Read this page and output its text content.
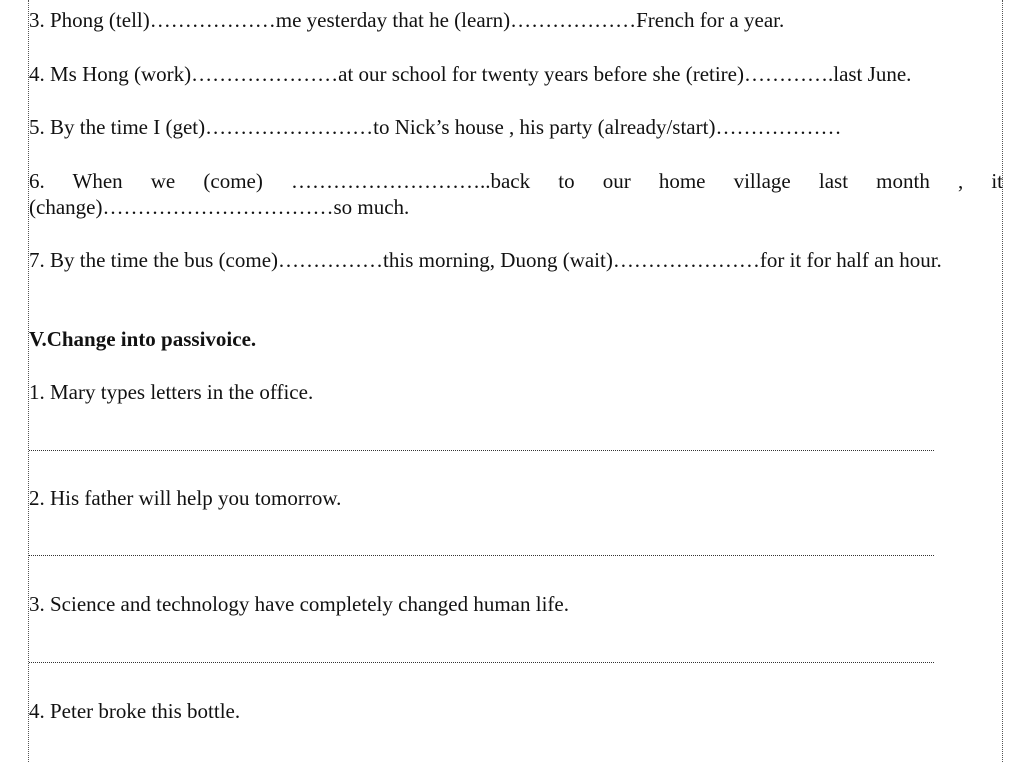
3. Phong (tell)………………me yesterday that he (learn)………………French for a year.
4. Ms Hong (work)…………………at our school for twenty years before she (retire)………….last June.
5. By the time I (get)……………………to Nick’s house , his party (already/start)………………
6. When we (come) ………………………..back to our home village last month , it (change)……………………………so much.
7. By the time the bus (come)……………this morning, Duong (wait)…………………for it for half an hour.
V.Change into passivoice.
1. Mary types letters in the office.
2. His father will help you tomorrow.
3. Science and technology have completely changed human life.
4. Peter broke this bottle.
